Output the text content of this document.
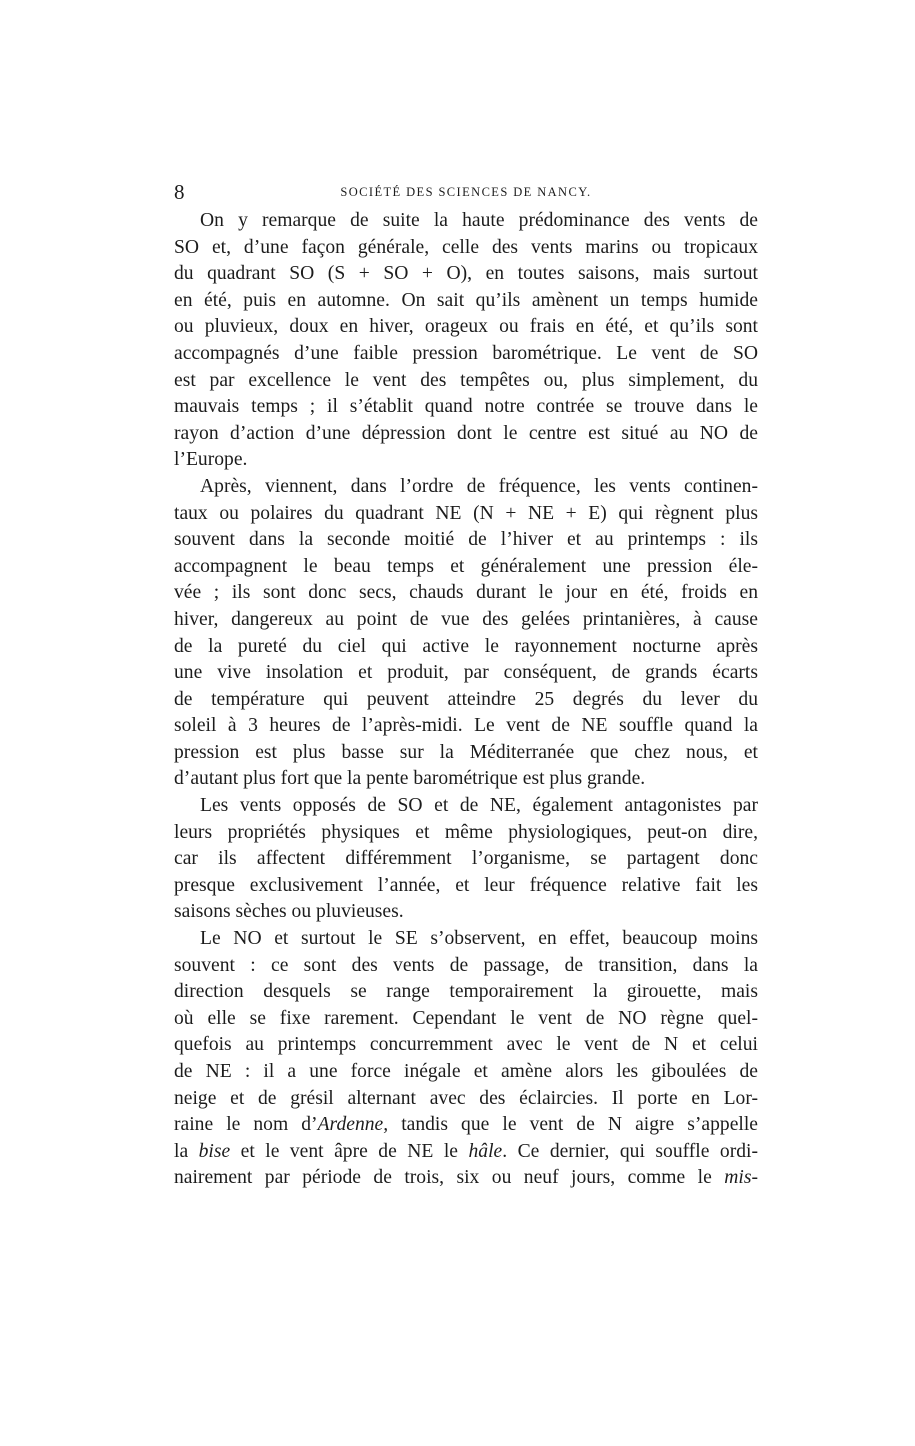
8	SOCIÉTÉ DES SCIENCES DE NANCY.
On y remarque de suite la haute prédominance des vents de
SO et, d’une façon générale, celle des vents marins ou tropicaux
du quadrant SO (S + SO + O), en toutes saisons, mais surtout
en été, puis en automne. On sait qu’ils amènent un temps humide
ou pluvieux, doux en hiver, orageux ou frais en été, et qu’ils sont
accompagnés d’une faible pression barométrique. Le vent de SO
est par excellence le vent des tempêtes ou, plus simplement, du
mauvais temps ; il s’établit quand notre contrée se trouve dans le
rayon d’action d’une dépression dont le centre est situé au NO de
l’Europe.
Après, viennent, dans l’ordre de fréquence, les vents continen-
taux ou polaires du quadrant NE (N + NE + E) qui règnent plus
souvent dans la seconde moitié de l’hiver et au printemps : ils
accompagnent le beau temps et généralement une pression éle-
vée ; ils sont donc secs, chauds durant le jour en été, froids en
hiver, dangereux au point de vue des gelées printanières, à cause
de la pureté du ciel qui active le rayonnement nocturne après
une vive insolation et produit, par conséquent, de grands écarts
de température qui peuvent atteindre 25 degrés du lever du
soleil à 3 heures de l’après-midi. Le vent de NE souffle quand la
pression est plus basse sur la Méditerranée que chez nous, et
d’autant plus fort que la pente barométrique est plus grande.
Les vents opposés de SO et de NE, également antagonistes par
leurs propriétés physiques et même physiologiques, peut-on dire,
car ils affectent différemment l’organisme, se partagent donc
presque exclusivement l’année, et leur fréquence relative fait les
saisons sèches ou pluvieuses.
Le NO et surtout le SE s’observent, en effet, beaucoup moins
souvent : ce sont des vents de passage, de transition, dans la
direction desquels se range temporairement la girouette, mais
où elle se fixe rarement. Cependant le vent de NO règne quel-
quefois au printemps concurremment avec le vent de N et celui
de NE : il a une force inégale et amène alors les giboulées de
neige et de grésil alternant avec des éclaircies. Il porte en Lor-
raine le nom d’Ardenne, tandis que le vent de N aigre s’appelle
la bise et le vent âpre de NE le hâle. Ce dernier, qui souffle ordi-
nairement par période de trois, six ou neuf jours, comme le mis-
